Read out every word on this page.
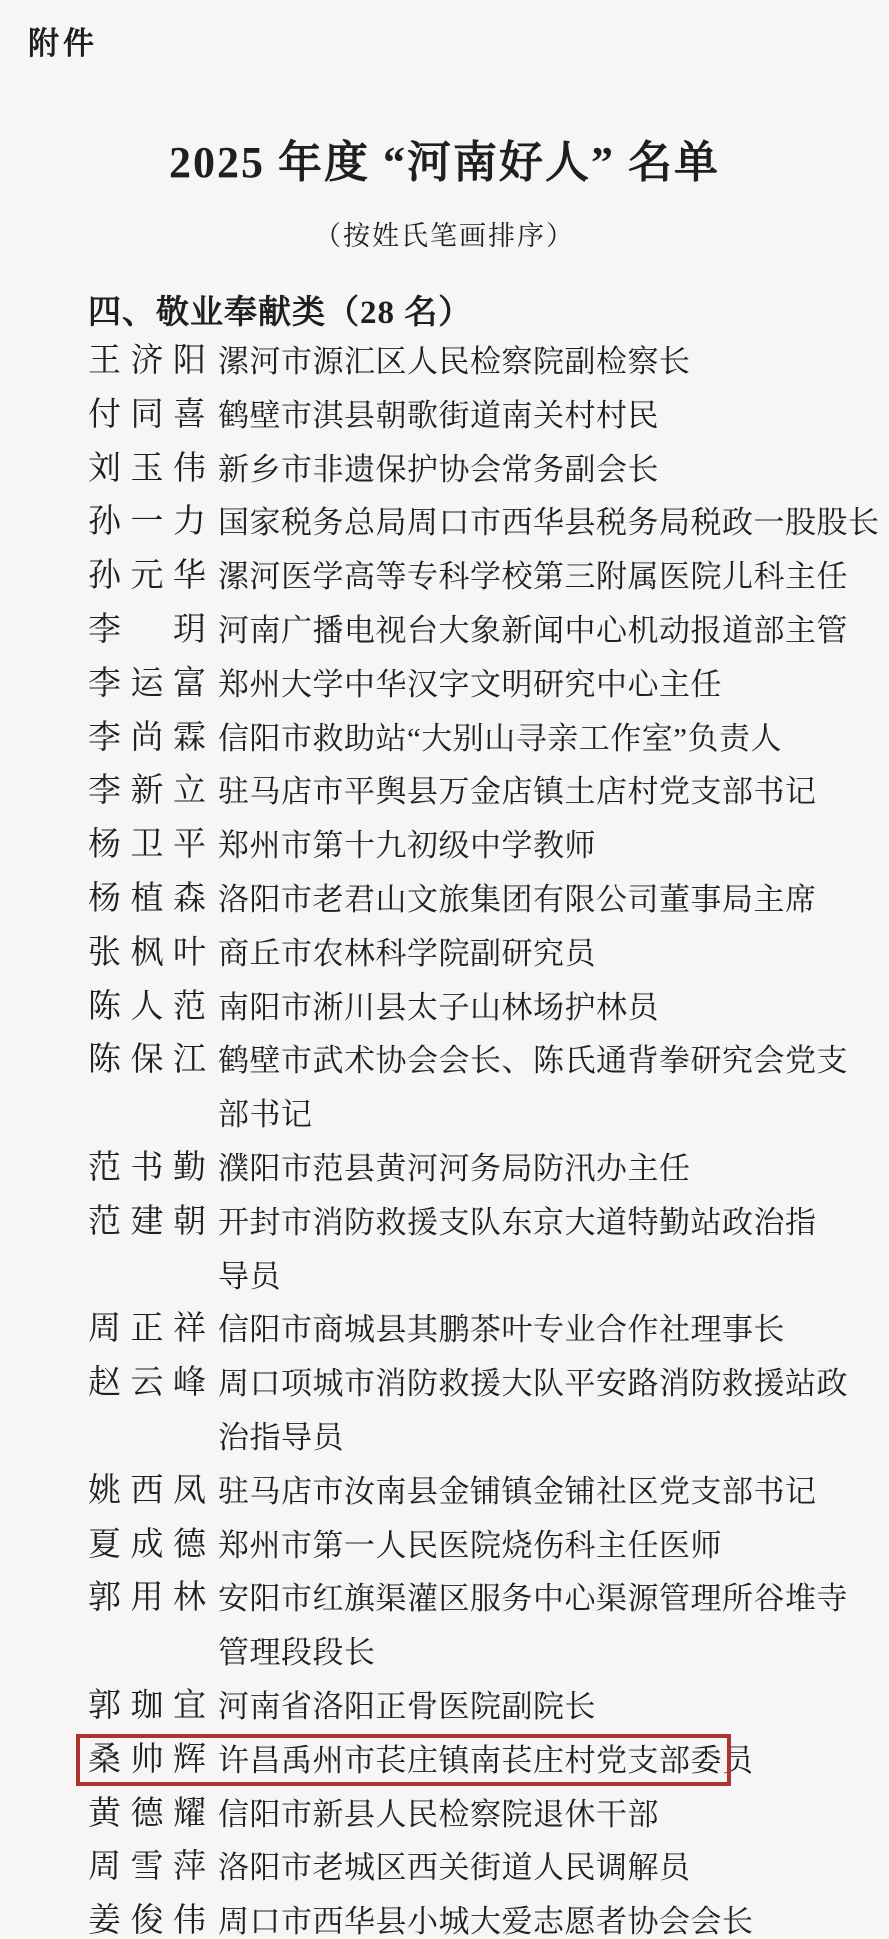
附件
2025 年度 “河南好人” 名单
（按姓氏笔画排序）
四、敬业奉献类（28 名）
王 济 阳 漯河市源汇区人民检察院副检察长
付 同 喜 鹤壁市淇县朝歌街道南关村村民
刘 玉 伟 新乡市非遗保护协会常务副会长
孙 一 力 国家税务总局周口市西华县税务局税政一股股长
孙 元 华 漯河医学高等专科学校第三附属医院儿科主任
李 玥 河南广播电视台大象新闻中心机动报道部主管
李 运 富 郑州大学中华汉字文明研究中心主任
李 尚 霖 信阳市救助站“大别山寻亲工作室”负责人
李 新 立 驻马店市平舆县万金店镇土店村党支部书记
杨 卫 平 郑州市第十九初级中学教师
杨 植 森 洛阳市老君山文旅集团有限公司董事局主席
张 枫 叶 商丘市农林科学院副研究员
陈 人 范 南阳市淅川县太子山林场护林员
陈 保 江 鹤壁市武术协会会长、陈氏通背拳研究会党支
部书记
范 书 勤 濮阳市范县黄河河务局防汛办主任
范 建 朝 开封市消防救援支队东京大道特勤站政治指
导员
周 正 祥 信阳市商城县其鹏茶叶专业合作社理事长
赵 云 峰 周口项城市消防救援大队平安路消防救援站政
治指导员
姚 西 凤 驻马店市汝南县金铺镇金铺社区党支部书记
夏 成 德 郑州市第一人民医院烧伤科主任医师
郭 用 林 安阳市红旗渠灌区服务中心渠源管理所谷堆寺
管理段段长
郭 珈 宜 河南省洛阳正骨医院副院长
桑 帅 辉 许昌禹州市苌庄镇南苌庄村党支部委员
黄 德 耀 信阳市新县人民检察院退休干部
周 雪 萍 洛阳市老城区西关街道人民调解员
姜 俊 伟 周口市西华县小城大爱志愿者协会会长
